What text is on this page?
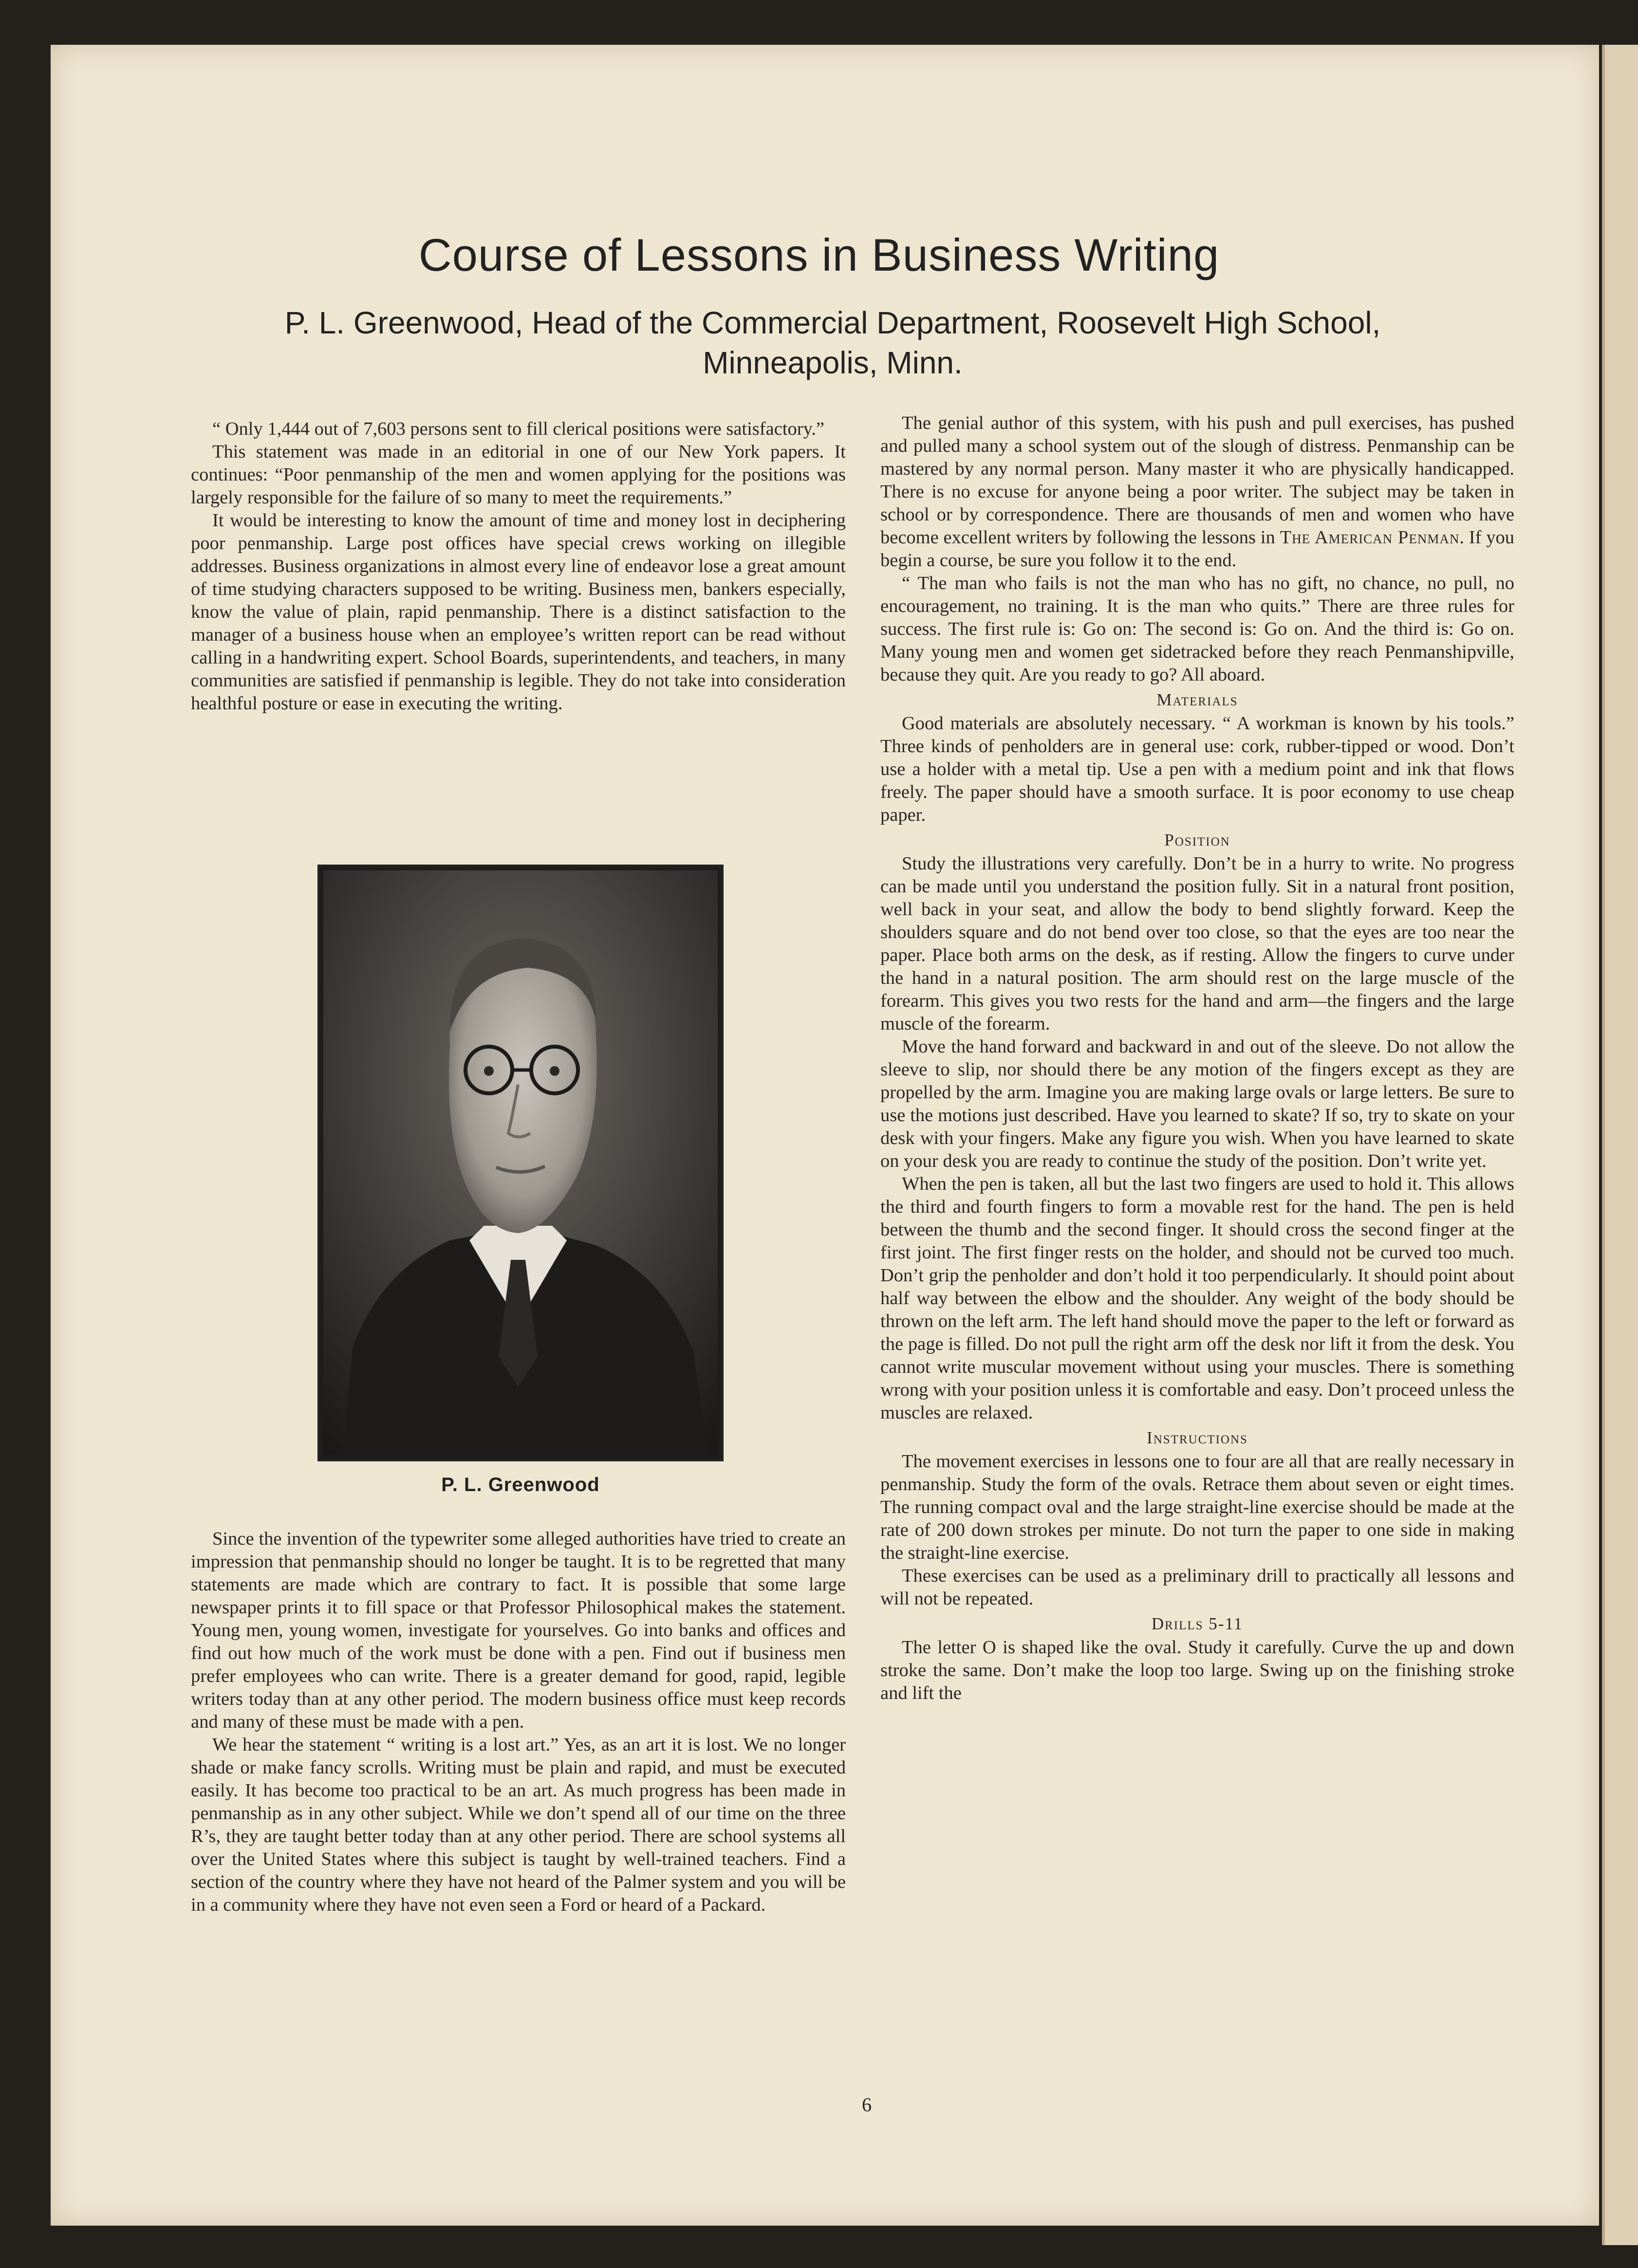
Course of Lessons in Business Writing
P. L. Greenwood, Head of the Commercial Department, Roosevelt High School, Minneapolis, Minn.

“ Only 1,444 out of 7,603 persons sent to fill clerical positions were satisfactory.”

This statement was made in an editorial in one of our New York papers. It continues: “Poor penmanship of the men and women applying for the positions was largely responsible for the failure of so many to meet the requirements.”

It would be interesting to know the amount of time and money lost in deciphering poor penmanship. Large post offices have special crews working on illegible addresses. Business organizations in almost every line of endeavor lose a great amount of time studying characters supposed to be writing. Business men, bankers especially, know the value of plain, rapid penmanship. There is a distinct satisfaction to the manager of a business house when an employee’s written report can be read without calling in a handwriting expert. School Boards, superintendents, and teachers, in many communities are satisfied if penmanship is legible. They do not take into consideration healthful posture or ease in executing the writing.

P. L. Greenwood

Since the invention of the typewriter some alleged authorities have tried to create an impression that penmanship should no longer be taught. It is to be regretted that many statements are made which are contrary to fact. It is possible that some large newspaper prints it to fill space or that Professor Philosophical makes the statement. Young men, young women, investigate for yourselves. Go into banks and offices and find out how much of the work must be done with a pen. Find out if business men prefer employees who can write. There is a greater demand for good, rapid, legible writers today than at any other period. The modern business office must keep records and many of these must be made with a pen.

We hear the statement “ writing is a lost art.” Yes, as an art it is lost. We no longer shade or make fancy scrolls. Writing must be plain and rapid, and must be executed easily. It has become too practical to be an art. As much progress has been made in penmanship as in any other subject. While we don’t spend all of our time on the three R’s, they are taught better today than at any other period. There are school systems all over the United States where this subject is taught by well-trained teachers. Find a section of the country where they have not heard of the Palmer system and you will be in a community where they have not even seen a Ford or heard of a Packard.

The genial author of this system, with his push and pull exercises, has pushed and pulled many a school system out of the slough of distress. Penmanship can be mastered by any normal person. Many master it who are physically handicapped. There is no excuse for anyone being a poor writer. The subject may be taken in school or by correspondence. There are thousands of men and women who have become excellent writers by following the lessons in The American Penman. If you begin a course, be sure you follow it to the end.

“ The man who fails is not the man who has no gift, no chance, no pull, no encouragement, no training. It is the man who quits.” There are three rules for success. The first rule is: Go on: The second is: Go on. And the third is: Go on. Many young men and women get sidetracked before they reach Penmanshipville, because they quit. Are you ready to go? All aboard.

Materials

Good materials are absolutely necessary. “ A workman is known by his tools.” Three kinds of penholders are in general use: cork, rubber-tipped or wood. Don’t use a holder with a metal tip. Use a pen with a medium point and ink that flows freely. The paper should have a smooth surface. It is poor economy to use cheap paper.

Position

Study the illustrations very carefully. Don’t be in a hurry to write. No progress can be made until you understand the position fully. Sit in a natural front position, well back in your seat, and allow the body to bend slightly forward. Keep the shoulders square and do not bend over too close, so that the eyes are too near the paper. Place both arms on the desk, as if resting. Allow the fingers to curve under the hand in a natural position. The arm should rest on the large muscle of the forearm. This gives you two rests for the hand and arm—the fingers and the large muscle of the forearm.

Move the hand forward and backward in and out of the sleeve. Do not allow the sleeve to slip, nor should there be any motion of the fingers except as they are propelled by the arm. Imagine you are making large ovals or large letters. Be sure to use the motions just described. Have you learned to skate? If so, try to skate on your desk with your fingers. Make any figure you wish. When you have learned to skate on your desk you are ready to continue the study of the position. Don’t write yet.

When the pen is taken, all but the last two fingers are used to hold it. This allows the third and fourth fingers to form a movable rest for the hand. The pen is held between the thumb and the second finger. It should cross the second finger at the first joint. The first finger rests on the holder, and should not be curved too much. Don’t grip the penholder and don’t hold it too perpendicularly. It should point about half way between the elbow and the shoulder. Any weight of the body should be thrown on the left arm. The left hand should move the paper to the left or forward as the page is filled. Do not pull the right arm off the desk nor lift it from the desk. You cannot write muscular movement without using your muscles. There is something wrong with your position unless it is comfortable and easy. Don’t proceed unless the muscles are relaxed.

Instructions

The movement exercises in lessons one to four are all that are really necessary in penmanship. Study the form of the ovals. Retrace them about seven or eight times. The running compact oval and the large straight-line exercise should be made at the rate of 200 down strokes per minute. Do not turn the paper to one side in making the straight-line exercise.

These exercises can be used as a preliminary drill to practically all lessons and will not be repeated.

Drills 5-11

The letter O is shaped like the oval. Study it carefully. Curve the up and down stroke the same. Don’t make the loop too large. Swing up on the finishing stroke and lift the

6
